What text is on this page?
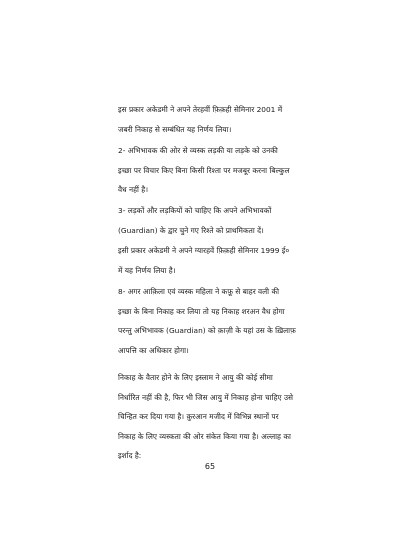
इस प्रकार अकेडमी ने अपने तेरहवीं फ़िक़ही सेमिनार 2001 में
जबरी निकाह से सम्बंधित यह निर्णय लिया।
2- अभिभावक की ओर से व्यस्क लड़की या लड़के को उनकी
इच्छा पर विचार किए बिना किसी रिश्ता पर मजबूर करना बिल्कुल
वैध नहीं है।
3- लड़कों और लड़कियों को चाहिए कि अपने अभिभावकों
(Guardian) के द्वार चुने गए रिश्ते को प्राथमिकता दें।
इसी प्रकार अकेडमी ने अपने ग्यारहवें फ़िक़ही सेमिनार 1999 ई०
में यह निर्णय लिया है।
8- अगर आक़िला एवं व्यस्क महिला ने कफ़ू से बाहर वली की
इच्छा के बिना निकाह कर लिया तो यह निकाह शरअन वैध होगा
परन्तु अभिभावक (Guardian) को क़ाज़ी के यहां उस के ख़िलाफ़
आपत्ति का अधिकार होगा।
निकाह के वैतार होने के लिए इस्लाम ने आयु की कोई सीमा
निर्धारित नहीं की है, फिर भी जिस आयु में निकाह होना चाहिए उसे
चिन्हित कर दिया गया है। क़ुरआन मजीद में विभिन्न स्थानों पर
निकाह के लिए व्यस्कता की ओर संकेत किया गया है। अल्लाह का
इर्शाद है:
65
